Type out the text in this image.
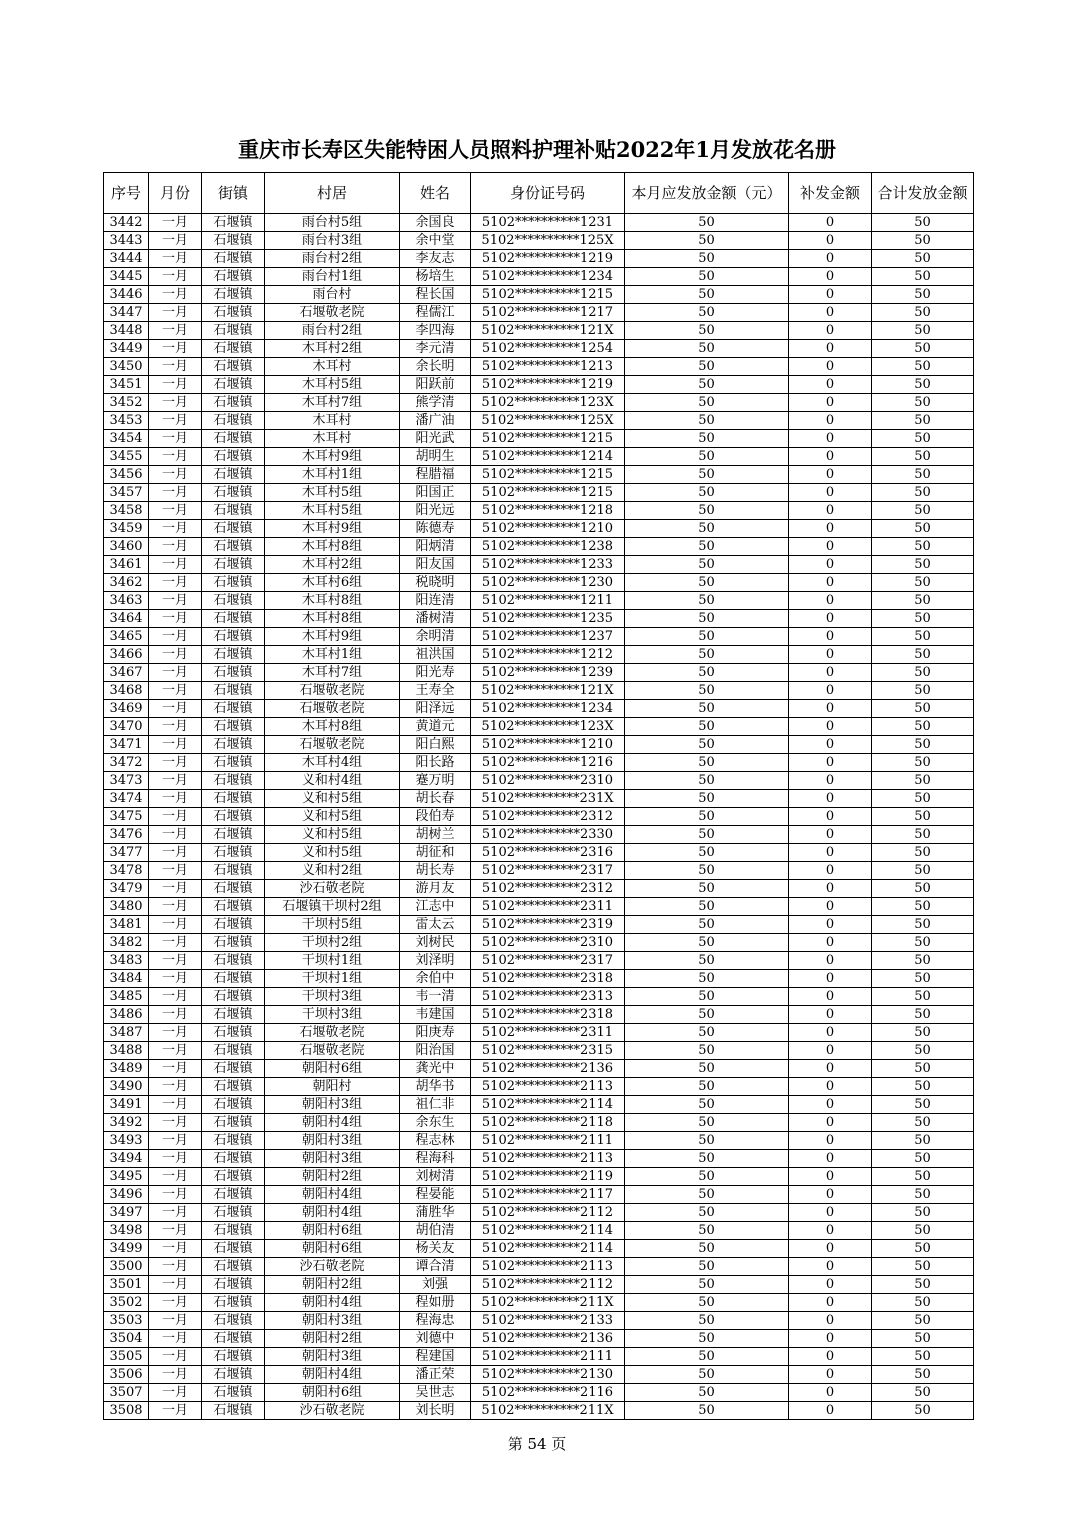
重庆市长寿区失能特困人员照料护理补贴2022年1月发放花名册
序号	月份	街镇	村居	姓名	身份证号码	本月应发放金额（元）	补发金额	合计发放金额
3442	一月	石堰镇	雨台村5组	余国良	5102**********1231	50	0	50
3443	一月	石堰镇	雨台村3组	余中堂	5102**********125X	50	0	50
3444	一月	石堰镇	雨台村2组	李友志	5102**********1219	50	0	50
3445	一月	石堰镇	雨台村1组	杨培生	5102**********1234	50	0	50
3446	一月	石堰镇	雨台村	程长国	5102**********1215	50	0	50
3447	一月	石堰镇	石堰敬老院	程儒江	5102**********1217	50	0	50
3448	一月	石堰镇	雨台村2组	李四海	5102**********121X	50	0	50
3449	一月	石堰镇	木耳村2组	李元清	5102**********1254	50	0	50
3450	一月	石堰镇	木耳村	余长明	5102**********1213	50	0	50
3451	一月	石堰镇	木耳村5组	阳跃前	5102**********1219	50	0	50
3452	一月	石堰镇	木耳村7组	熊学清	5102**********123X	50	0	50
3453	一月	石堰镇	木耳村	潘广油	5102**********125X	50	0	50
3454	一月	石堰镇	木耳村	阳光武	5102**********1215	50	0	50
3455	一月	石堰镇	木耳村9组	胡明生	5102**********1214	50	0	50
3456	一月	石堰镇	木耳村1组	程腊福	5102**********1215	50	0	50
3457	一月	石堰镇	木耳村5组	阳国正	5102**********1215	50	0	50
3458	一月	石堰镇	木耳村5组	阳光远	5102**********1218	50	0	50
3459	一月	石堰镇	木耳村9组	陈德寿	5102**********1210	50	0	50
3460	一月	石堰镇	木耳村8组	阳炳清	5102**********1238	50	0	50
3461	一月	石堰镇	木耳村2组	阳友国	5102**********1233	50	0	50
3462	一月	石堰镇	木耳村6组	税晓明	5102**********1230	50	0	50
3463	一月	石堰镇	木耳村8组	阳连清	5102**********1211	50	0	50
3464	一月	石堰镇	木耳村8组	潘树清	5102**********1235	50	0	50
3465	一月	石堰镇	木耳村9组	余明清	5102**********1237	50	0	50
3466	一月	石堰镇	木耳村1组	祖洪国	5102**********1212	50	0	50
3467	一月	石堰镇	木耳村7组	阳光寿	5102**********1239	50	0	50
3468	一月	石堰镇	石堰敬老院	王寿全	5102**********121X	50	0	50
3469	一月	石堰镇	石堰敬老院	阳泽远	5102**********1234	50	0	50
3470	一月	石堰镇	木耳村8组	黄道元	5102**********123X	50	0	50
3471	一月	石堰镇	石堰敬老院	阳白熙	5102**********1210	50	0	50
3472	一月	石堰镇	木耳村4组	阳长路	5102**********1216	50	0	50
3473	一月	石堰镇	义和村4组	蹇万明	5102**********2310	50	0	50
3474	一月	石堰镇	义和村5组	胡长春	5102**********231X	50	0	50
3475	一月	石堰镇	义和村5组	段伯寿	5102**********2312	50	0	50
3476	一月	石堰镇	义和村5组	胡树兰	5102**********2330	50	0	50
3477	一月	石堰镇	义和村5组	胡征和	5102**********2316	50	0	50
3478	一月	石堰镇	义和村2组	胡长寿	5102**********2317	50	0	50
3479	一月	石堰镇	沙石敬老院	游月友	5102**********2312	50	0	50
3480	一月	石堰镇	石堰镇干坝村2组	江志中	5102**********2311	50	0	50
3481	一月	石堰镇	干坝村5组	雷太云	5102**********2319	50	0	50
3482	一月	石堰镇	干坝村2组	刘树民	5102**********2310	50	0	50
3483	一月	石堰镇	干坝村1组	刘泽明	5102**********2317	50	0	50
3484	一月	石堰镇	干坝村1组	余伯中	5102**********2318	50	0	50
3485	一月	石堰镇	干坝村3组	韦一清	5102**********2313	50	0	50
3486	一月	石堰镇	干坝村3组	韦建国	5102**********2318	50	0	50
3487	一月	石堰镇	石堰敬老院	阳庚寿	5102**********2311	50	0	50
3488	一月	石堰镇	石堰敬老院	阳治国	5102**********2315	50	0	50
3489	一月	石堰镇	朝阳村6组	龚光中	5102**********2136	50	0	50
3490	一月	石堰镇	朝阳村	胡华书	5102**********2113	50	0	50
3491	一月	石堰镇	朝阳村3组	祖仁非	5102**********2114	50	0	50
3492	一月	石堰镇	朝阳村4组	余东生	5102**********2118	50	0	50
3493	一月	石堰镇	朝阳村3组	程志林	5102**********2111	50	0	50
3494	一月	石堰镇	朝阳村3组	程海科	5102**********2113	50	0	50
3495	一月	石堰镇	朝阳村2组	刘树清	5102**********2119	50	0	50
3496	一月	石堰镇	朝阳村4组	程晏能	5102**********2117	50	0	50
3497	一月	石堰镇	朝阳村4组	蒲胜华	5102**********2112	50	0	50
3498	一月	石堰镇	朝阳村6组	胡伯清	5102**********2114	50	0	50
3499	一月	石堰镇	朝阳村6组	杨关友	5102**********2114	50	0	50
3500	一月	石堰镇	沙石敬老院	谭合清	5102**********2113	50	0	50
3501	一月	石堰镇	朝阳村2组	刘强	5102**********2112	50	0	50
3502	一月	石堰镇	朝阳村4组	程如册	5102**********211X	50	0	50
3503	一月	石堰镇	朝阳村3组	程海忠	5102**********2133	50	0	50
3504	一月	石堰镇	朝阳村2组	刘德中	5102**********2136	50	0	50
3505	一月	石堰镇	朝阳村3组	程建国	5102**********2111	50	0	50
3506	一月	石堰镇	朝阳村4组	潘正荣	5102**********2130	50	0	50
3507	一月	石堰镇	朝阳村6组	吴世志	5102**********2116	50	0	50
3508	一月	石堰镇	沙石敬老院	刘长明	5102**********211X	50	0	50
第 54 页
